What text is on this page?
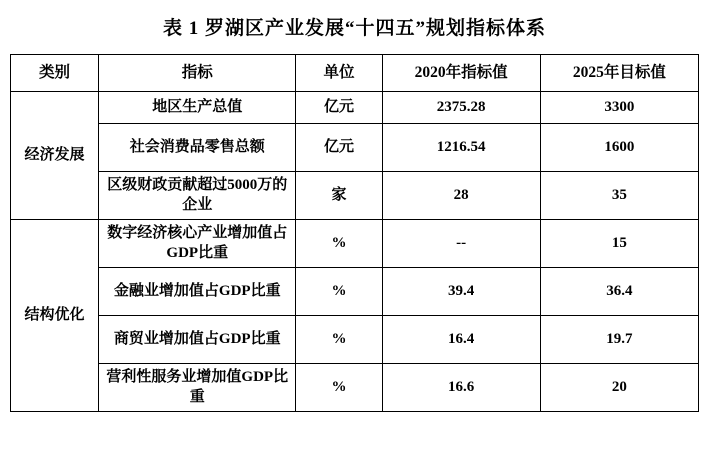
表 1 罗湖区产业发展“十四五”规划指标体系
类别	指标	单位	2020年指标值	2025年目标值
经济发展	地区生产总值	亿元	2375.28	3300
	社会消费品零售总额	亿元	1216.54	1600
	区级财政贡献超过5000万的企业	家	28	35
结构优化	数字经济核心产业增加值占GDP比重	%	--	15
	金融业增加值占GDP比重	%	39.4	36.4
	商贸业增加值占GDP比重	%	16.4	19.7
	营利性服务业增加值GDP比重	%	16.6	20
